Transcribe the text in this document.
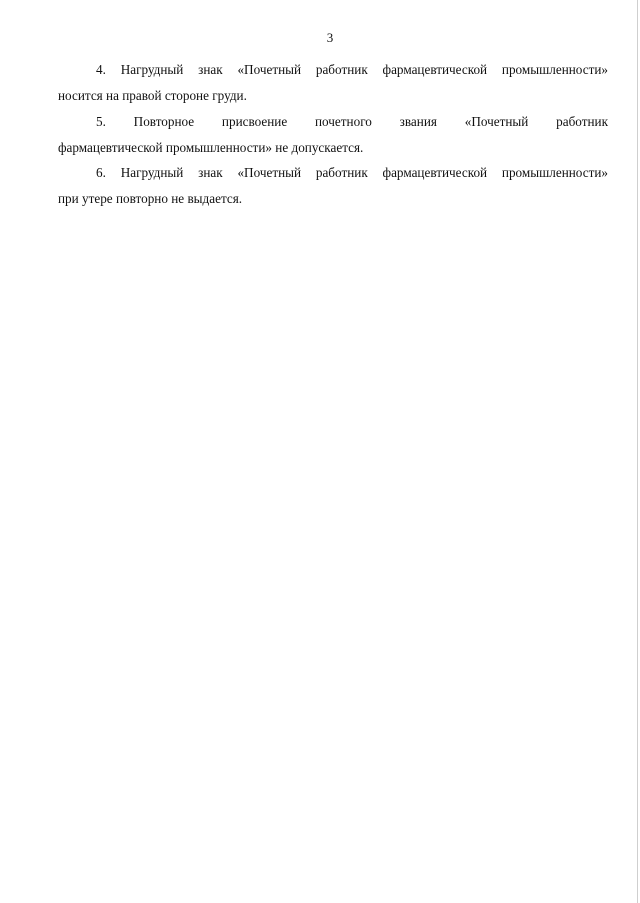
3
4. Нагрудный знак «Почетный работник фармацевтической промышленности»
носится на правой стороне груди.
5. Повторное присвоение почетного звания «Почетный работник
фармацевтической промышленности» не допускается.
6. Нагрудный знак «Почетный работник фармацевтической промышленности»
при утере повторно не выдается.
